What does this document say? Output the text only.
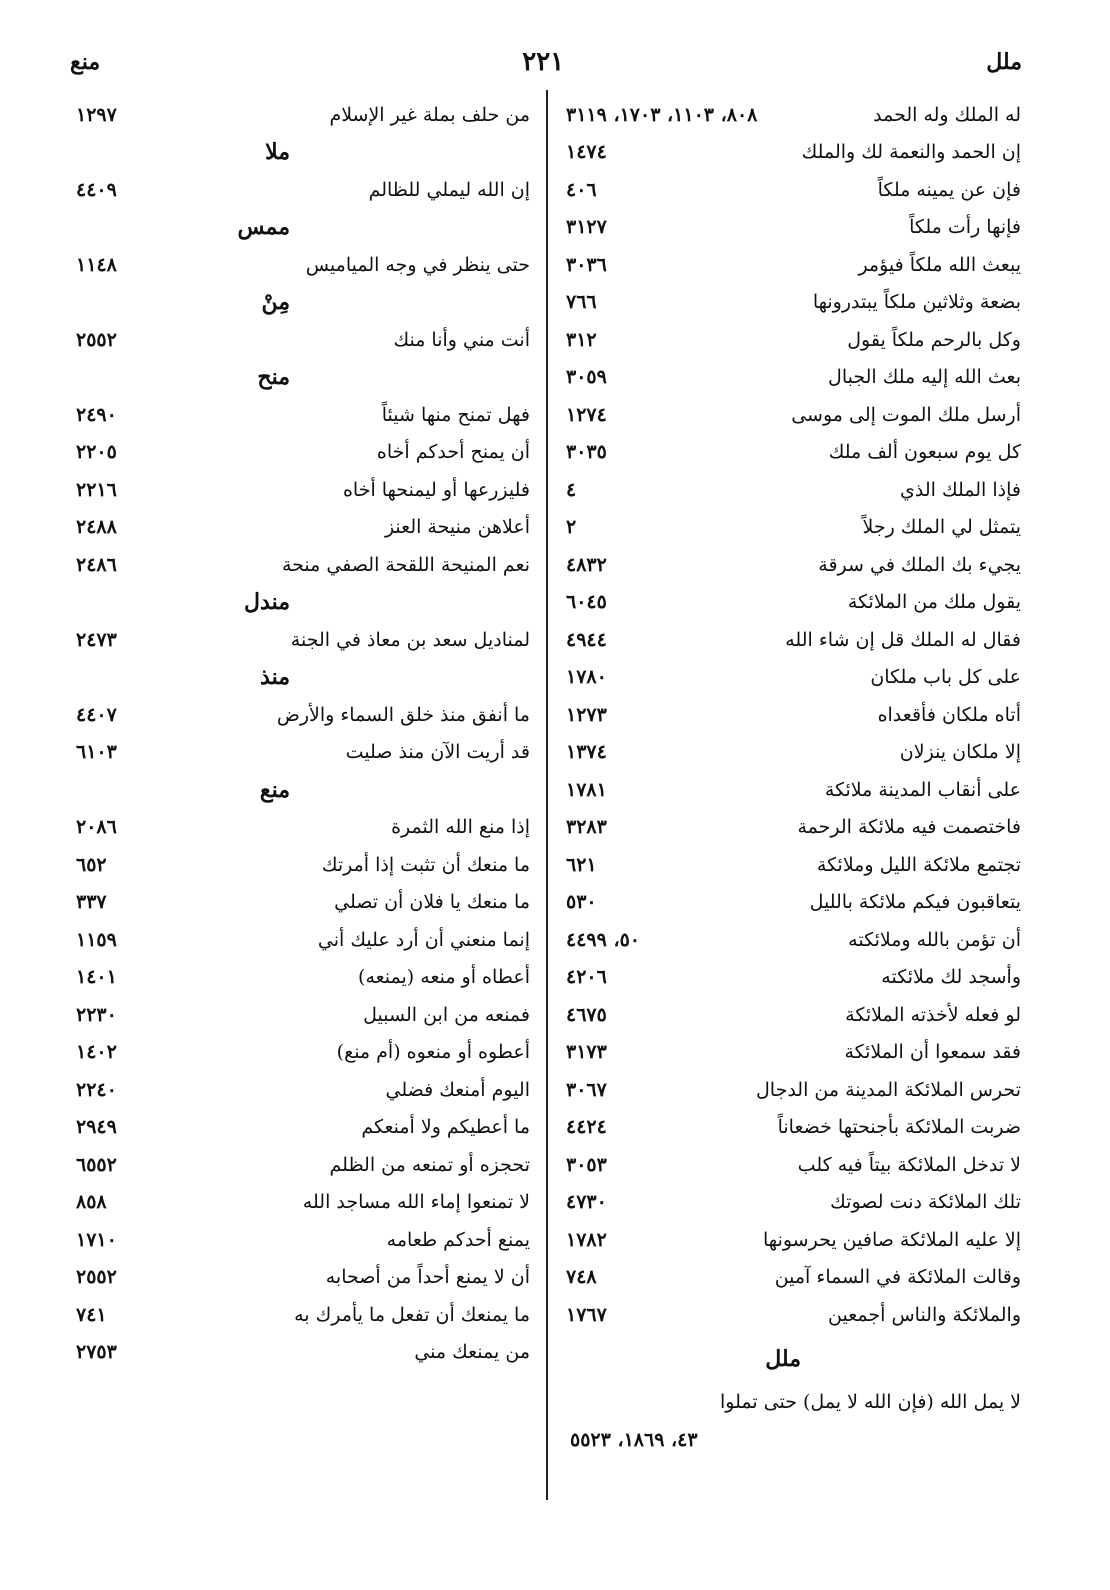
ملل
٢٢١
منع
له الملك وله الحمد
٨٠٨، ١١٠٣، ١٧٠٣، ٣١١٩
إن الحمد والنعمة لك والملك
١٤٧٤
فإن عن يمينه ملكاً
٤٠٦
فإنها رأت ملكاً
٣١٢٧
يبعث الله ملكاً فيؤمر
٣٠٣٦
بضعة وثلاثين ملكاً يبتدرونها
٧٦٦
وكل بالرحم ملكاً يقول
٣١٢
بعث الله إليه ملك الجبال
٣٠٥٩
أرسل ملك الموت إلى موسى
١٢٧٤
كل يوم سبعون ألف ملك
٣٠٣٥
فإذا الملك الذي
٤
يتمثل لي الملك رجلاً
٢
يجيء بك الملك في سرقة
٤٨٣٢
يقول ملك من الملائكة
٦٠٤٥
فقال له الملك قل إن شاء الله
٤٩٤٤
على كل باب ملكان
١٧٨٠
أتاه ملكان فأقعداه
١٢٧٣
إلا ملكان ينزلان
١٣٧٤
على أنقاب المدينة ملائكة
١٧٨١
فاختصمت فيه ملائكة الرحمة
٣٢٨٣
تجتمع ملائكة الليل وملائكة
٦٢١
يتعاقبون فيكم ملائكة بالليل
٥٣٠
أن تؤمن بالله وملائكته
٥٠، ٤٤٩٩
وأسجد لك ملائكته
٤٢٠٦
لو فعله لأخذته الملائكة
٤٦٧٥
فقد سمعوا أن الملائكة
٣١٧٣
تحرس الملائكة المدينة من الدجال
٣٠٦٧
ضربت الملائكة بأجنحتها خضعاناً
٤٤٢٤
لا تدخل الملائكة بيتاً فيه كلب
٣٠٥٣
تلك الملائكة دنت لصوتك
٤٧٣٠
إلا عليه الملائكة صافين يحرسونها
١٧٨٢
وقالت الملائكة في السماء آمين
٧٤٨
والملائكة والناس أجمعين
١٧٦٧
ملل
لا يمل الله (فإن الله لا يمل) حتى تملوا
٤٣، ١٨٦٩، ٥٥٢٣
من حلف بملة غير الإسلام
١٢٩٧
ملا
إن الله ليملي للظالم
٤٤٠٩
ممس
حتى ينظر في وجه المياميس
١١٤٨
مِنْ
أنت مني وأنا منك
٢٥٥٢
منح
فهل تمنح منها شيئاً
٢٤٩٠
أن يمنح أحدكم أخاه
٢٢٠٥
فليزرعها أو ليمنحها أخاه
٢٢١٦
أعلاهن منيحة العنز
٢٤٨٨
نعم المنيحة اللقحة الصفي منحة
٢٤٨٦
مندل
لمناديل سعد بن معاذ في الجنة
٢٤٧٣
منذ
ما أنفق منذ خلق السماء والأرض
٤٤٠٧
قد أريت الآن منذ صليت
٦١٠٣
منع
إذا منع الله الثمرة
٢٠٨٦
ما منعك أن تثبت إذا أمرتك
٦٥٢
ما منعك يا فلان أن تصلي
٣٣٧
إنما منعني أن أرد عليك أني
١١٥٩
أعطاه أو منعه (يمنعه)
١٤٠١
فمنعه من ابن السبيل
٢٢٣٠
أعطوه أو منعوه (أم منع)
١٤٠٢
اليوم أمنعك فضلي
٢٢٤٠
ما أعطيكم ولا أمنعكم
٢٩٤٩
تحجزه أو تمنعه من الظلم
٦٥٥٢
لا تمنعوا إماء الله مساجد الله
٨٥٨
يمنع أحدكم طعامه
١٧١٠
أن لا يمنع أحداً من أصحابه
٢٥٥٢
ما يمنعك أن تفعل ما يأمرك به
٧٤١
من يمنعك مني
٢٧٥٣
